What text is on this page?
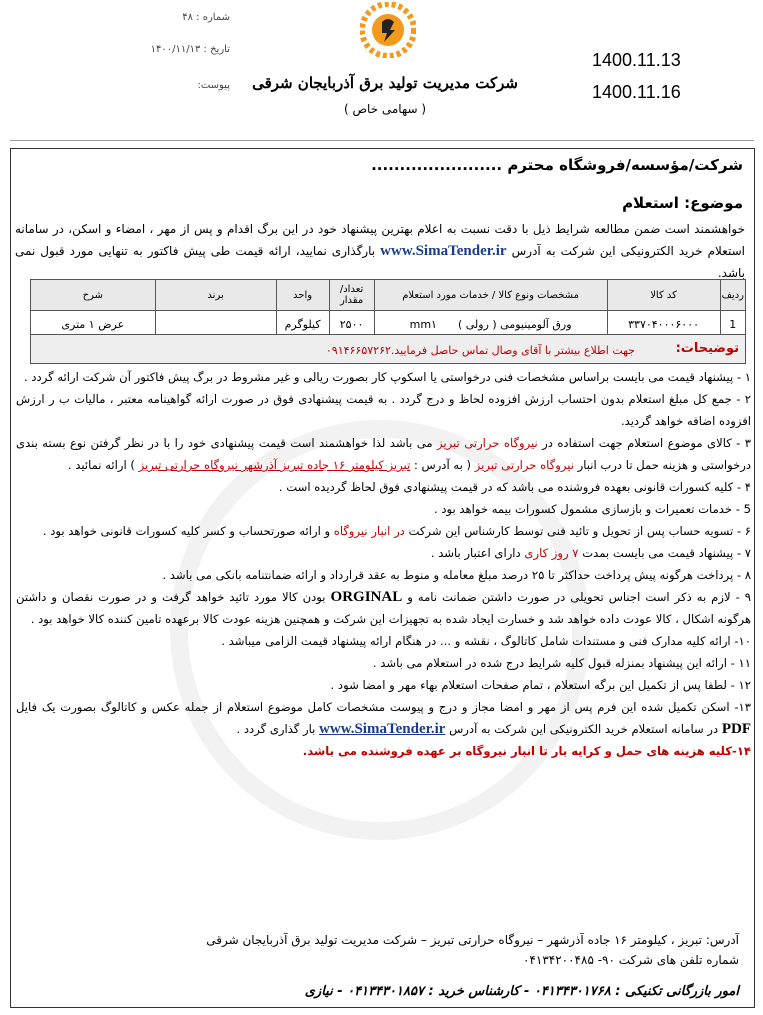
شرکت مدیریت تولید برق آذربایجان شرقی
( سهامی خاص )
شماره : ۴۸
تاریخ : ۱۴۰۰/۱۱/۱۳
پیوست:
1400.11.13
1400.11.16
شرکت/مؤسسه/فروشگاه محترم .......................
موضوع: استعلام
خواهشمند است ضمن مطالعه شرایط ذیل با دقت نسبت به اعلام بهترین پیشنهاد خود در این برگ اقدام و پس از مهر ، امضاء و اسکن، در سامانه استعلام خرید الکترونیکی این شرکت به آدرس www.SimaTender.ir بارگذاری نمایید، ارائه قیمت طی پیش فاکتور به تنهایی مورد قبول نمی باشد.
ردیف	کد کالا	مشخصات ونوع کالا / خدمات مورد استعلام	تعداد/ مقدار	واحد	برند	شرح
1	۳۳۷۰۴۰۰۰۶۰۰۰	ورق آلومینیومی ( رولی )      mm۱	۲۵۰۰	کیلوگرم		عرض ۱ متری
توضیحات:
جهت اطلاع بیشتر با آقای وصال تماس حاصل فرمایید.۰۹۱۴۶۶۵۷۲۶۲

۱ - پیشنهاد قیمت می بایست براساس مشخصات فنی درخواستی یا اسکوپ کار بصورت ریالی و غیر مشروط در برگ پیش فاکتور آن شرکت ارائه گردد .

۲ - جمع کل مبلغ استعلام بدون احتساب ارزش افزوده لحاظ و درج گردد . به قیمت پیشنهادی فوق در صورت ارائه گواهینامه معتبر ، مالیات ب ر ارزش افزوده اضافه خواهد گردید.

۳ - کالای موضوع استعلام جهت استفاده در نیروگاه حرارتی تبریز می باشد لذا خواهشمند است قیمت پیشنهادی خود را با در نظر گرفتن نوع بسته بندی درخواستی و هزینه حمل تا درب انبار نیروگاه حرارتی تبریز ( به آدرس : تبریز کیلومتر ۱۶ جاده تبریز آذرشهر نیروگاه حرارتی تبریز ) ارائه نمائید .

۴ - کلیه کسورات قانونی بعهده فروشنده می باشد که در قیمت پیشنهادی فوق لحاظ گردیده است .

5 - خدمات تعمیرات و بازسازی مشمول کسورات بیمه خواهد بود .

۶ - تسویه حساب پس از تحویل و تائید فنی توسط کارشناس این شرکت در انبار نیروگاه و ارائه صورتحساب و کسر کلیه کسورات قانونی خواهد بود .

۷ - پیشنهاد قیمت می بایست بمدت ۷ روز کاری دارای اعتبار باشد .

۸ - پرداخت هرگونه پیش پرداخت حداکثر تا ۲۵ درصد مبلغ معامله و منوط به عقد قرارداد و ارائه ضمانتنامه بانکی می باشد .

۹ - لازم به ذکر است اجناس تحویلی در صورت داشتن ضمانت نامه و ORGINAL بودن کالا مورد تائید خواهد گرفت و در صورت نقصان و داشتن هرگونه اشکال ، کالا عودت داده خواهد شد و خسارت ایجاد شده به تجهیزات این شرکت و همچنین هزینه عودت کالا برعهده تامین کننده کالا خواهد بود .

۱۰- ارائه کلیه مدارک فنی و مستندات شامل کاتالوگ ، نقشه و ... در هنگام ارائه پیشنهاد قیمت الزامی میباشد .

۱۱ - ارائه این پیشنهاد بمنزله قبول کلیه شرایط درج شده در استعلام می باشد .

۱۲ - لطفا پس از تکمیل این برگه استعلام ، تمام صفحات استعلام بهاء مهر و امضا شود .

۱۳- اسکن تکمیل شده این فرم پس از مهر و امضا مجاز و درج و پیوست مشخصات کامل موضوع استعلام از جمله عکس و کاتالوگ بصورت یک فایل PDF در سامانه استعلام خرید الکترونیکی این شرکت به آدرس www.SimaTender.ir بار گذاری گردد .

۱۴-کلیه هزینه های حمل و کرایه بار تا انبار نیروگاه بر عهده فروشنده می باشد.

آدرس: تبریز ، کیلومتر ۱۶ جاده آذرشهر – نیروگاه حرارتی تبریز – شرکت مدیریت تولید برق آذربایجان شرقی
شماره تلفن های شرکت ۹۰- ۰۴۱۳۴۲۰۰۴۸۵
امور بازرگانی تکنیکی : ۰۴۱۳۴۳۰۱۷۶۸ - کارشناس خرید : ۰۴۱۳۴۳۰۱۸۵۷ - نیازی
